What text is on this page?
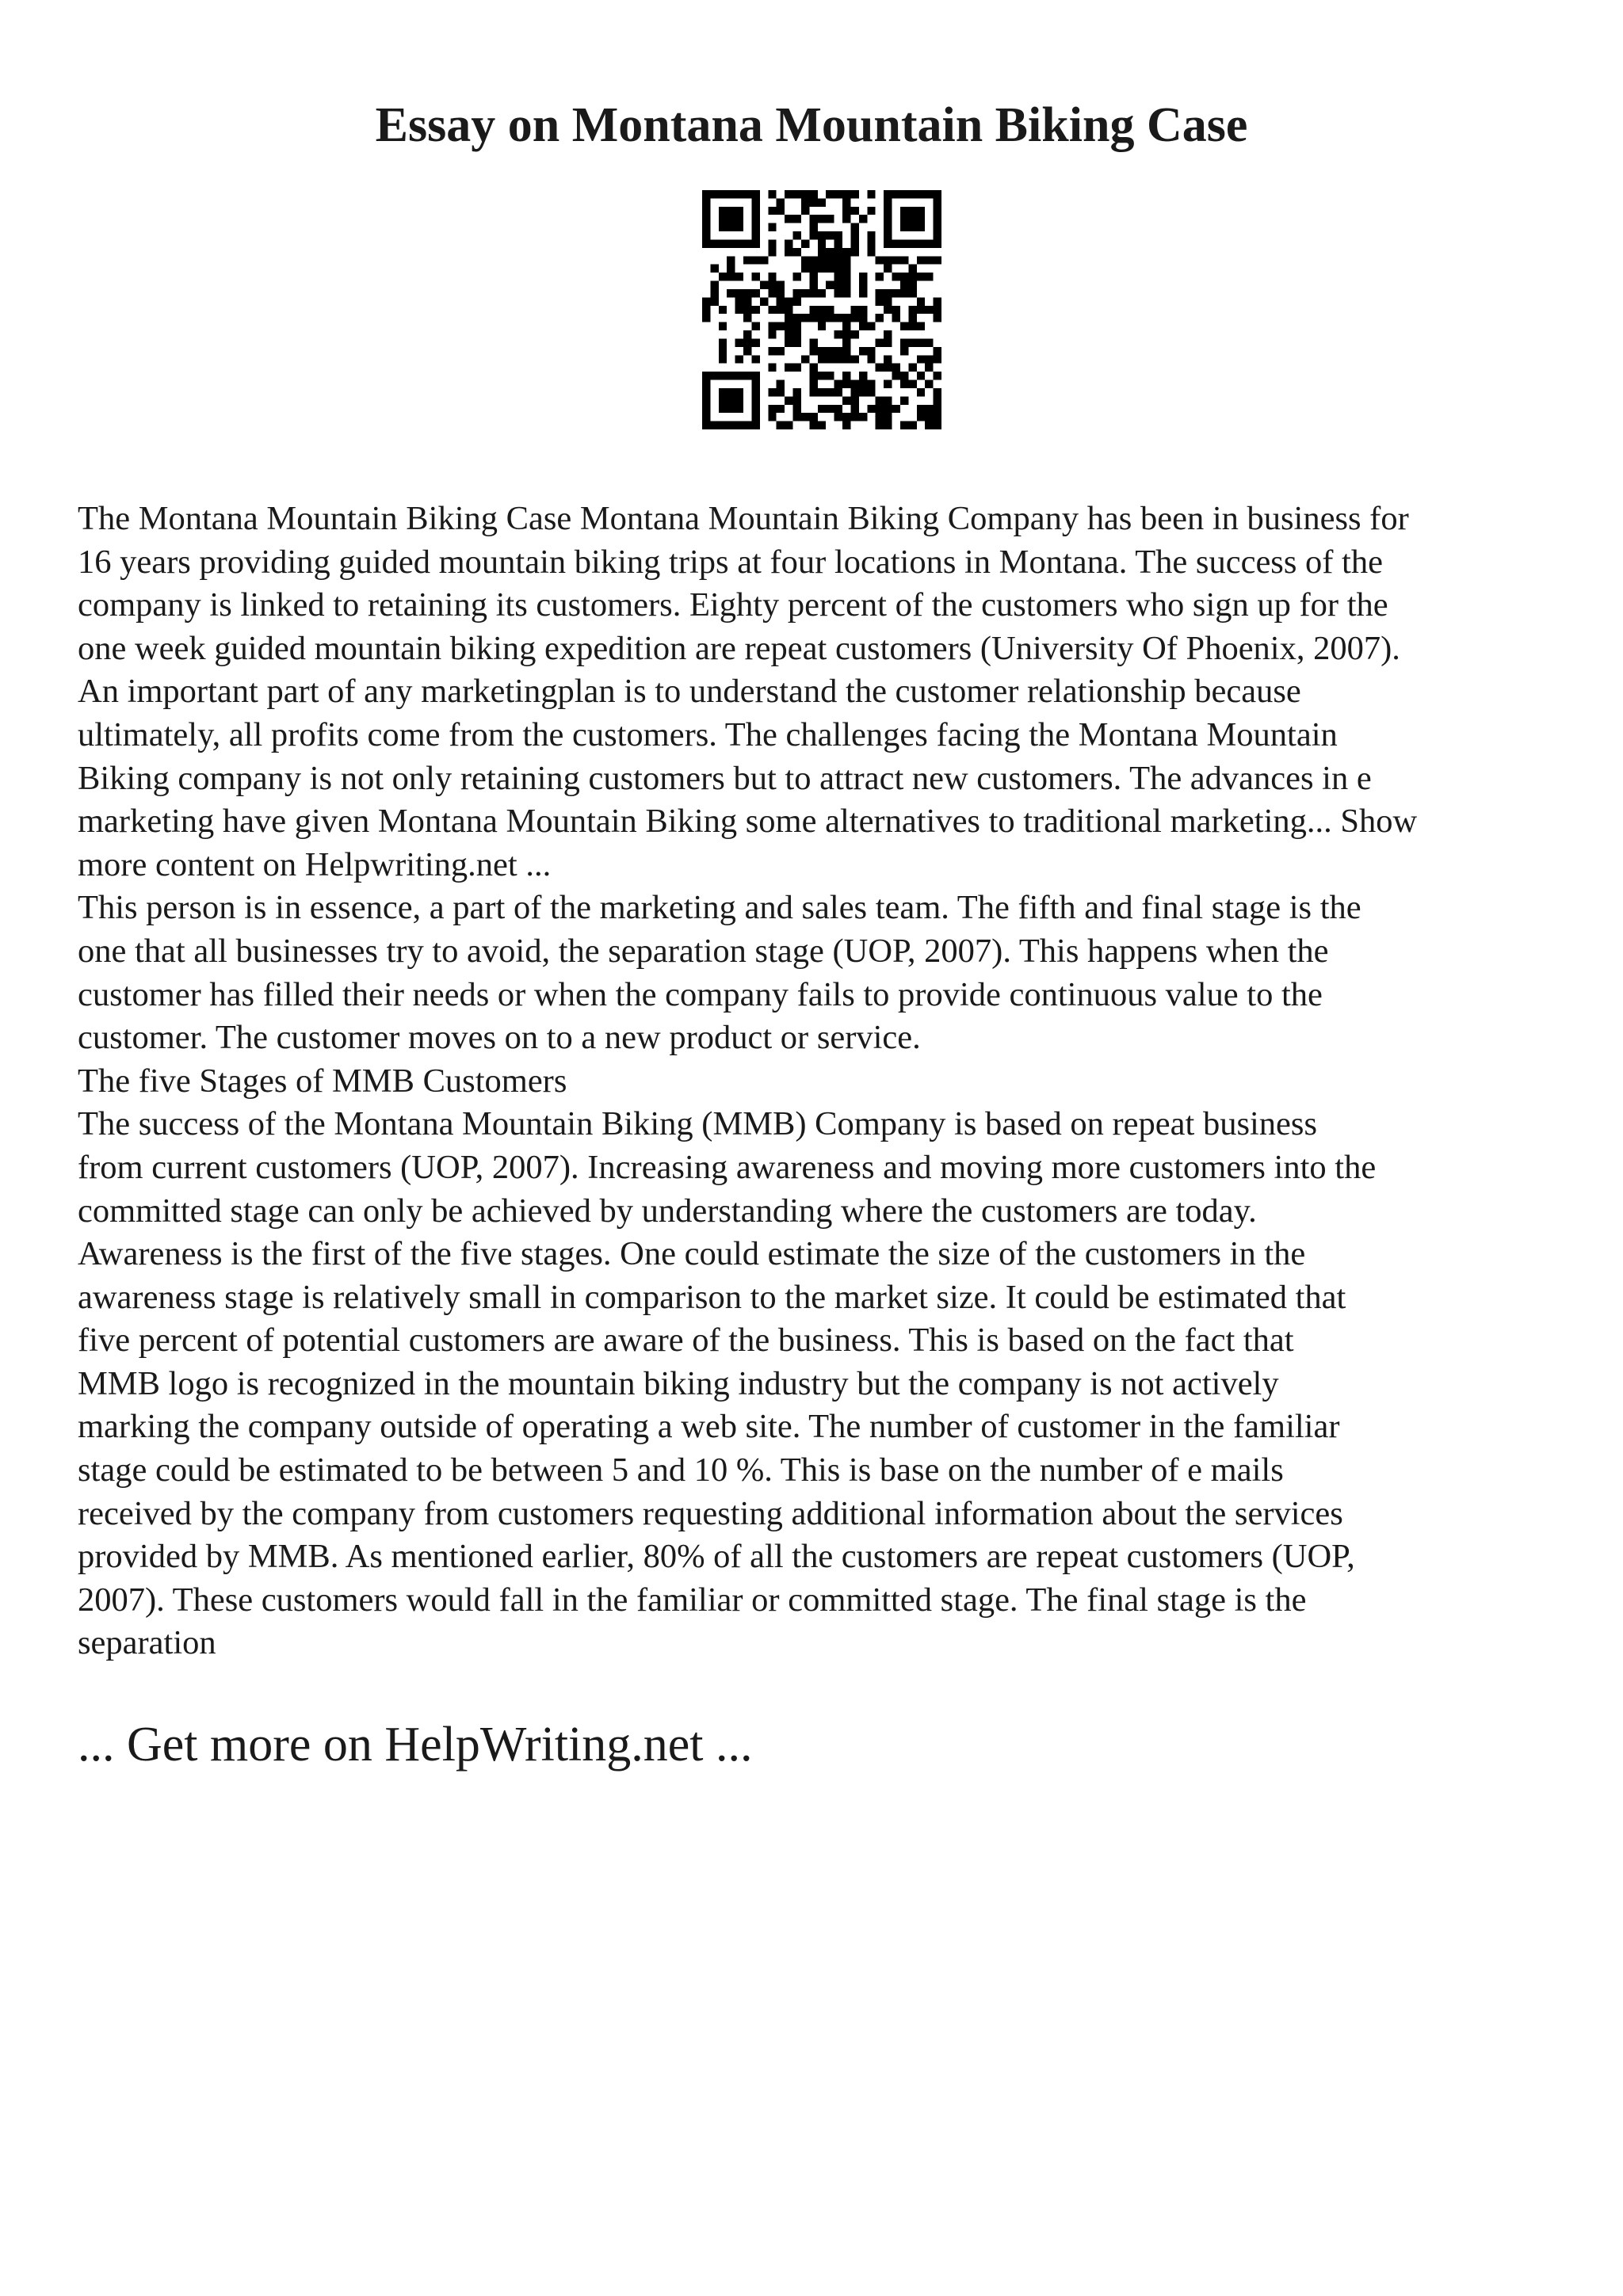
Essay on Montana Mountain Biking Case

The Montana Mountain Biking Case Montana Mountain Biking Company has been in business for
16 years providing guided mountain biking trips at four locations in Montana. The success of the
company is linked to retaining its customers. Eighty percent of the customers who sign up for the
one week guided mountain biking expedition are repeat customers (University Of Phoenix, 2007).
An important part of any marketingplan is to understand the customer relationship because
ultimately, all profits come from the customers. The challenges facing the Montana Mountain
Biking company is not only retaining customers but to attract new customers. The advances in e
marketing have given Montana Mountain Biking some alternatives to traditional marketing... Show
more content on Helpwriting.net ...

This person is in essence, a part of the marketing and sales team. The fifth and final stage is the
one that all businesses try to avoid, the separation stage (UOP, 2007). This happens when the
customer has filled their needs or when the company fails to provide continuous value to the
customer. The customer moves on to a new product or service.

The five Stages of MMB Customers

The success of the Montana Mountain Biking (MMB) Company is based on repeat business
from current customers (UOP, 2007). Increasing awareness and moving more customers into the
committed stage can only be achieved by understanding where the customers are today.
Awareness is the first of the five stages. One could estimate the size of the customers in the
awareness stage is relatively small in comparison to the market size. It could be estimated that
five percent of potential customers are aware of the business. This is based on the fact that
MMB logo is recognized in the mountain biking industry but the company is not actively
marking the company outside of operating a web site. The number of customer in the familiar
stage could be estimated to be between 5 and 10 %. This is base on the number of e mails
received by the company from customers requesting additional information about the services
provided by MMB. As mentioned earlier, 80% of all the customers are repeat customers (UOP,
2007). These customers would fall in the familiar or committed stage. The final stage is the
separation

... Get more on HelpWriting.net ...
